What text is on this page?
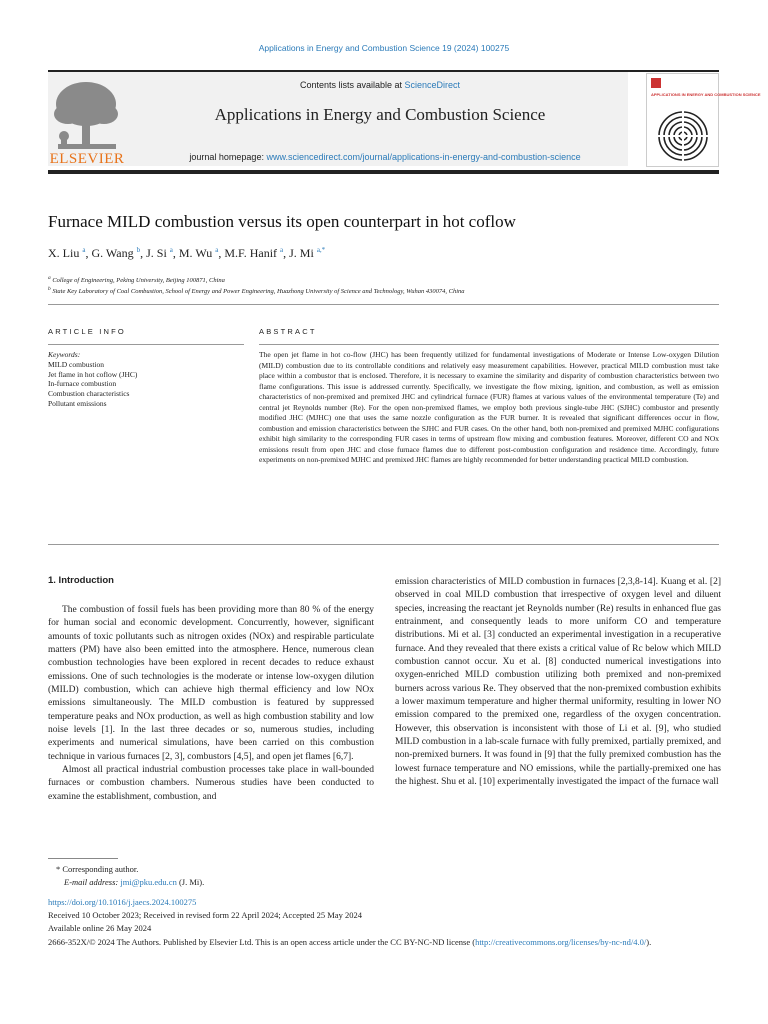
Applications in Energy and Combustion Science 19 (2024) 100275
ELSEVIER
Contents lists available at ScienceDirect
Applications in Energy and Combustion Science
journal homepage: www.sciencedirect.com/journal/applications-in-energy-and-combustion-science
APPLICATIONS IN ENERGY AND COMBUSTION SCIENCE
Furnace MILD combustion versus its open counterpart in hot coflow
X. Liu $^a$, G. Wang $^b$, J. Si $^a$, M. Wu $^a$, M.F. Hanif $^a$, J. Mi $^{a,*}$
$^a$ College of Engineering, Peking University, Beijing 100871, China
$^b$ State Key Laboratory of Coal Combustion, School of Energy and Power Engineering, Huazhong University of Science and Technology, Wuhan 430074, China
ARTICLE INFO	ABSTRACT
Keywords:
MILD combustion
Jet flame in hot coflow (JHC)
In-furnace combustion
Combustion characteristics
Pollutant emissions
The open jet flame in hot co-flow (JHC) has been frequently utilized for fundamental investigations of Moderate or Intense Low-oxygen Dilution (MILD) combustion due to its controllable conditions and relatively easy measurement capabilities. However, practical MILD combustion must take place within a combustor that is enclosed. Therefore, it is necessary to examine the similarity and disparity of combustion characteristics between two flame configurations. This issue is addressed currently. Specifically, we investigate the flow mixing, ignition, and combustion, as well as emission characteristics of non-premixed and premixed JHC and cylindrical furnace (FUR) flames at various values of the environmental temperature (Te) and central jet Reynolds number (Re). For the open non-premixed flames, we employ both previous single-tube JHC (SJHC) combustor and presently modified JHC (MJHC) one that uses the same nozzle configuration as the FUR burner. It is revealed that significant differences occur in flow, combustion and emission characteristics between the SJHC and FUR cases. On the other hand, both non-premixed and premixed MJHC configurations exhibit high similarity to the corresponding FUR cases in terms of upstream flow mixing and combustion features. Moreover, different CO and NOx emissions result from open JHC and close furnace flames due to different post-combustion configuration and residence time. Accordingly, future experiments on non-premixed MJHC and premixed JHC flames are highly recommended for better understanding practical MILD combustion.
1. Introduction

The combustion of fossil fuels has been providing more than 80 % of the energy for human social and economic development. Concurrently, however, significant amounts of toxic pollutants such as nitrogen oxides (NOx) and respirable particulate matters (PM) have also been emitted into the atmosphere. Hence, numerous clean combustion technologies have been explored in recent decades to reduce exhaust emissions. One of such technologies is the moderate or intense low-oxygen dilution (MILD) combustion, which can achieve high thermal efficiency and low NOx emissions simultaneously. The MILD combustion is featured by suppressed temperature peaks and NOx production, as well as high combustion stability and low noise levels [1]. In the last three decades or so, numerous studies, including experiments and numerical simulations, have been carried on this combustion technique in various furnaces [2, 3], combustors [4,5], and open jet flames [6,7].

Almost all practical industrial combustion processes take place in wall-bounded furnaces or combustion chambers. Numerous studies have been conducted to examine the establishment, combustion, and

emission characteristics of MILD combustion in furnaces [2,3,8-14]. Kuang et al. [2] observed in coal MILD combustion that irrespective of oxygen level and diluent species, increasing the reactant jet Reynolds number (Re) results in enhanced flue gas entrainment, and consequently leads to more uniform CO and temperature distributions. Mi et al. [3] conducted an experimental investigation in a recuperative furnace. And they revealed that there exists a critical value of Rc below which MILD combustion cannot occur. Xu et al. [8] conducted numerical investigations into oxygen-enriched MILD combustion utilizing both premixed and non-premixed burners across various Re. They observed that the non-premixed combustion exhibits a lower maximum temperature and higher thermal uniformity, resulting in lower NO emission compared to the premixed one, regardless of the oxygen concentration. However, this observation is inconsistent with those of Li et al. [9], who studied MILD combustion in a lab-scale furnace with fully premixed, partially premixed, and non-premixed burners. It was found in [9] that the fully premixed combustion has the lowest furnace temperature and NO emissions, while the partially-premixed one has the highest. Shu et al. [10] experimentally investigated the impact of the furnace wall

* Corresponding author.
E-mail address: jmi@pku.edu.cn (J. Mi).
https://doi.org/10.1016/j.jaecs.2024.100275
Received 10 October 2023; Received in revised form 22 April 2024; Accepted 25 May 2024
Available online 26 May 2024
2666-352X/© 2024 The Authors. Published by Elsevier Ltd. This is an open access article under the CC BY-NC-ND license (http://creativecommons.org/licenses/by-nc-nd/4.0/).
